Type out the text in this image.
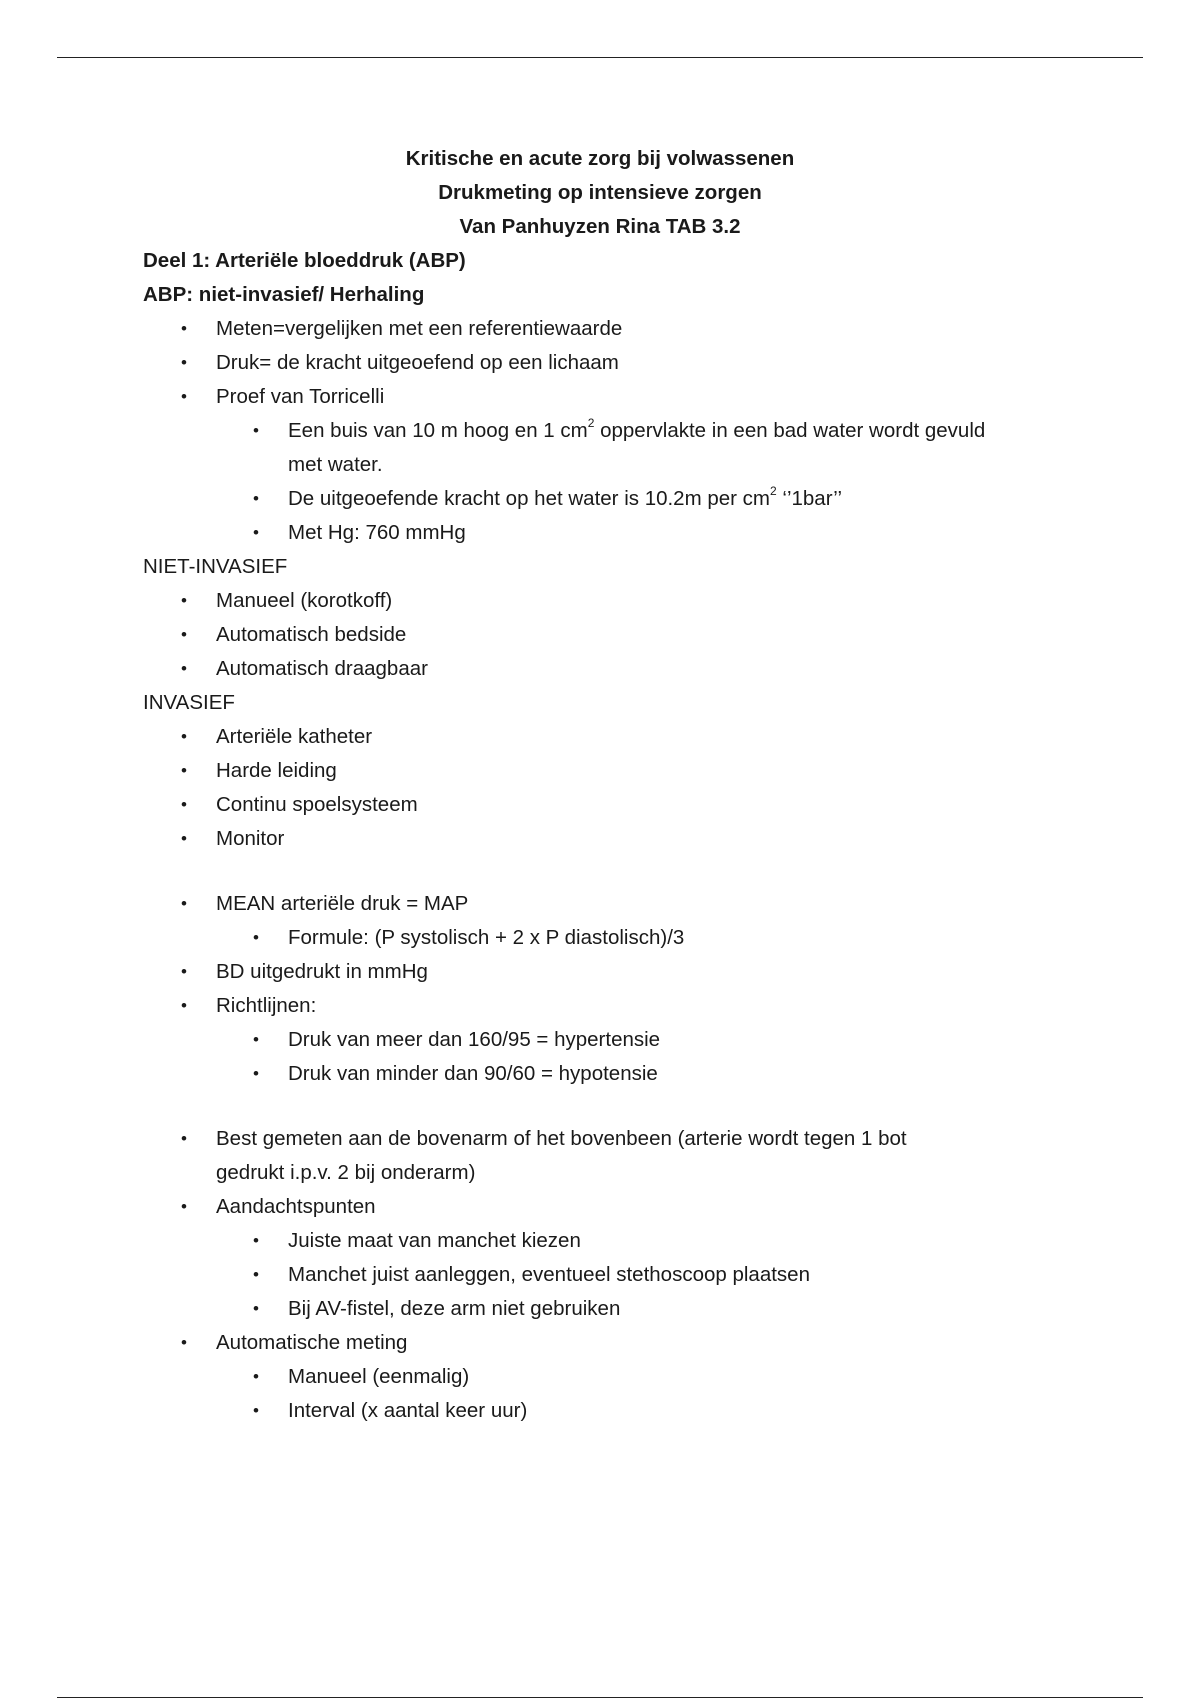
Kritische en acute zorg bij volwassenen
Drukmeting op intensieve zorgen
Van Panhuyzen Rina TAB 3.2
Deel 1: Arteriële bloeddruk (ABP)
ABP: niet-invasief/ Herhaling
• Meten=vergelijken met een referentiewaarde
• Druk= de kracht uitgeoefend op een lichaam
• Proef van Torricelli
• Een buis van 10 m hoog en 1 $cm^2$ oppervlakte in een bad water wordt gevuld
met water.
• De uitgeoefende kracht op het water is 10.2m per $cm^2$ ‘’1bar’’
• Met Hg: 760 mmHg
NIET-INVASIEF
• Manueel (korotkoff)
• Automatisch bedside
• Automatisch draagbaar
INVASIEF
• Arteriële katheter
• Harde leiding
• Continu spoelsysteem
• Monitor
• MEAN arteriële druk = MAP
• Formule: (P systolisch + 2 x P diastolisch)/3
• BD uitgedrukt in mmHg
• Richtlijnen:
• Druk van meer dan 160/95 = hypertensie
• Druk van minder dan 90/60 = hypotensie
• Best gemeten aan de bovenarm of het bovenbeen (arterie wordt tegen 1 bot
gedrukt i.p.v. 2 bij onderarm)
• Aandachtspunten
• Juiste maat van manchet kiezen
• Manchet juist aanleggen, eventueel stethoscoop plaatsen
• Bij AV-fistel, deze arm niet gebruiken
• Automatische meting
• Manueel (eenmalig)
• Interval (x aantal keer uur)
